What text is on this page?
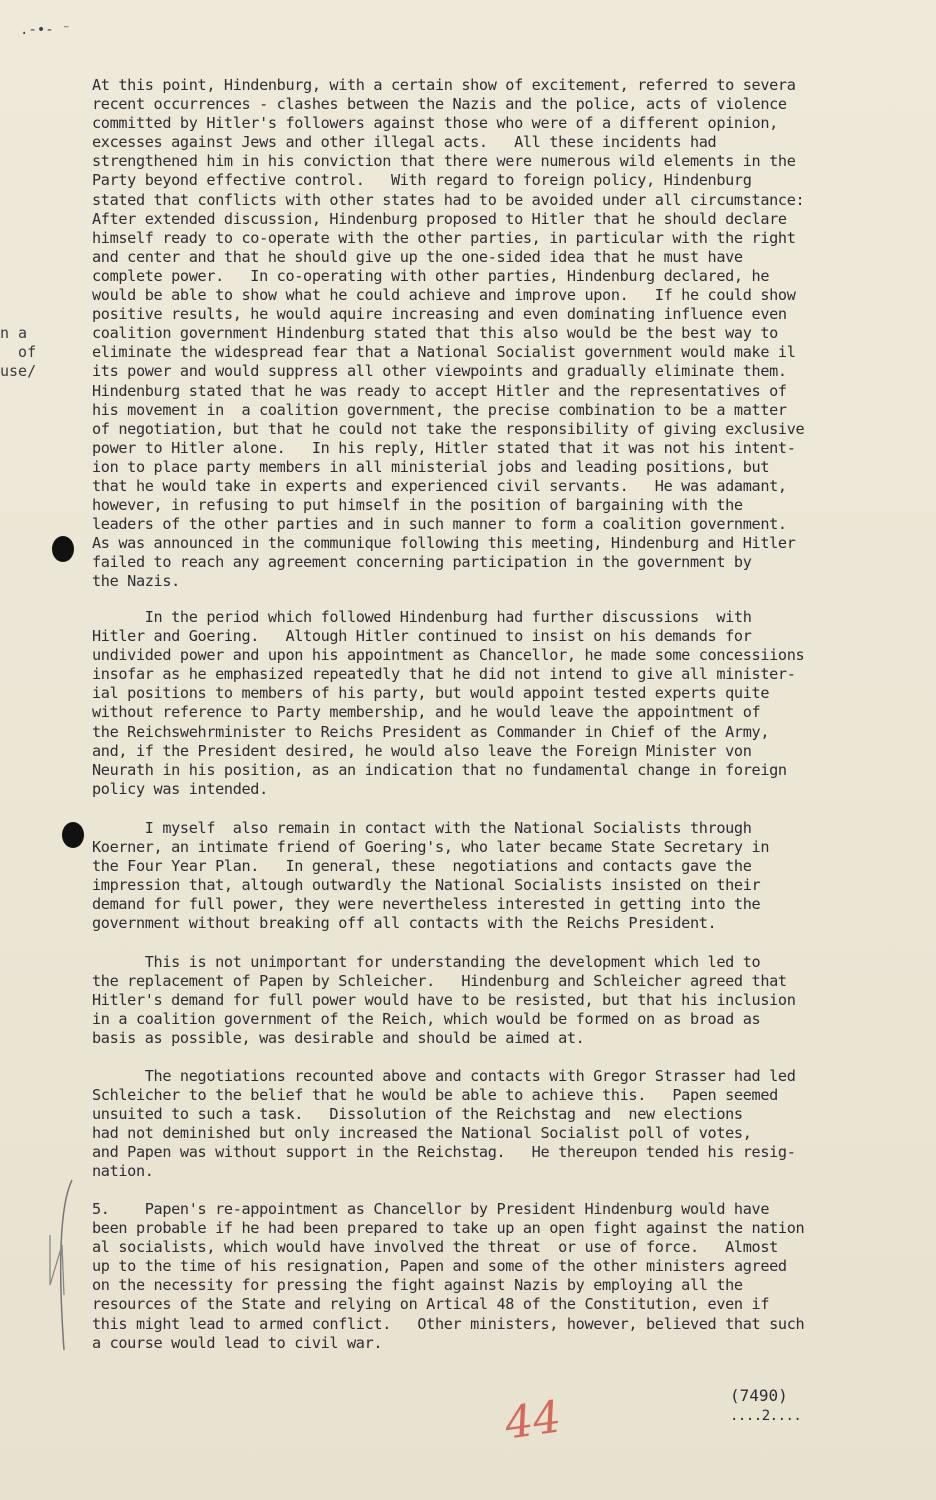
.-•- ⁻
At this point, Hindenburg, with a certain show of excitement, referred to severa
recent occurrences - clashes between the Nazis and the police, acts of violence
committed by Hitler's followers against those who were of a different opinion,
excesses against Jews and other illegal acts.   All these incidents had
strengthened him in his conviction that there were numerous wild elements in the
Party beyond effective control.   With regard to foreign policy, Hindenburg
stated that conflicts with other states had to be avoided under all circumstance:
After extended discussion, Hindenburg proposed to Hitler that he should declare
himself ready to co-operate with the other parties, in particular with the right
and center and that he should give up the one-sided idea that he must have
complete power.   In co-operating with other parties, Hindenburg declared, he
would be able to show what he could achieve and improve upon.   If he could show
positive results, he would aquire increasing and even dominating influence even
coalition government Hindenburg stated that this also would be the best way to
eliminate the widespread fear that a National Socialist government would make il
its power and would suppress all other viewpoints and gradually eliminate them.
Hindenburg stated that he was ready to accept Hitler and the representatives of
his movement in  a coalition government, the precise combination to be a matter
of negotiation, but that he could not take the responsibility of giving exclusive
power to Hitler alone.   In his reply, Hitler stated that it was not his intent-
ion to place party members in all ministerial jobs and leading positions, but
that he would take in experts and experienced civil servants.   He was adamant,
however, in refusing to put himself in the position of bargaining with the
leaders of the other parties and in such manner to form a coalition government.
As was announced in the communique following this meeting, Hindenburg and Hitler
failed to reach any agreement concerning participation in the government by
the Nazis.
n a
of
use/
In the period which followed Hindenburg had further discussions  with
Hitler and Goering.   Altough Hitler continued to insist on his demands for
undivided power and upon his appointment as Chancellor, he made some concessiions
insofar as he emphasized repeatedly that he did not intend to give all minister-
ial positions to members of his party, but would appoint tested experts quite
without reference to Party membership, and he would leave the appointment of
the Reichswehrminister to Reichs President as Commander in Chief of the Army,
and, if the President desired, he would also leave the Foreign Minister von
Neurath in his position, as an indication that no fundamental change in foreign
policy was intended.
I myself  also remain in contact with the National Socialists through
Koerner, an intimate friend of Goering's, who later became State Secretary in
the Four Year Plan.   In general, these  negotiations and contacts gave the
impression that, altough outwardly the National Socialists insisted on their
demand for full power, they were nevertheless interested in getting into the
government without breaking off all contacts with the Reichs President.
This is not unimportant for understanding the development which led to
the replacement of Papen by Schleicher.   Hindenburg and Schleicher agreed that
Hitler's demand for full power would have to be resisted, but that his inclusion
in a coalition government of the Reich, which would be formed on as broad as
basis as possible, was desirable and should be aimed at.
The negotiations recounted above and contacts with Gregor Strasser had led
Schleicher to the belief that he would be able to achieve this.   Papen seemed
unsuited to such a task.   Dissolution of the Reichstag and  new elections
had not deminished but only increased the National Socialist poll of votes,
and Papen was without support in the Reichstag.   He thereupon tended his resig-
nation.
5.    Papen's re-appointment as Chancellor by President Hindenburg would have
been probable if he had been prepared to take up an open fight against the nation
al socialists, which would have involved the threat  or use of force.   Almost
up to the time of his resignation, Papen and some of the other ministers agreed
on the necessity for pressing the fight against Nazis by employing all the
resources of the State and relying on Artical 48 of the Constitution, even if
this might lead to armed conflict.   Other ministers, however, believed that such
a course would lead to civil war.
(7490)
....2....
44
